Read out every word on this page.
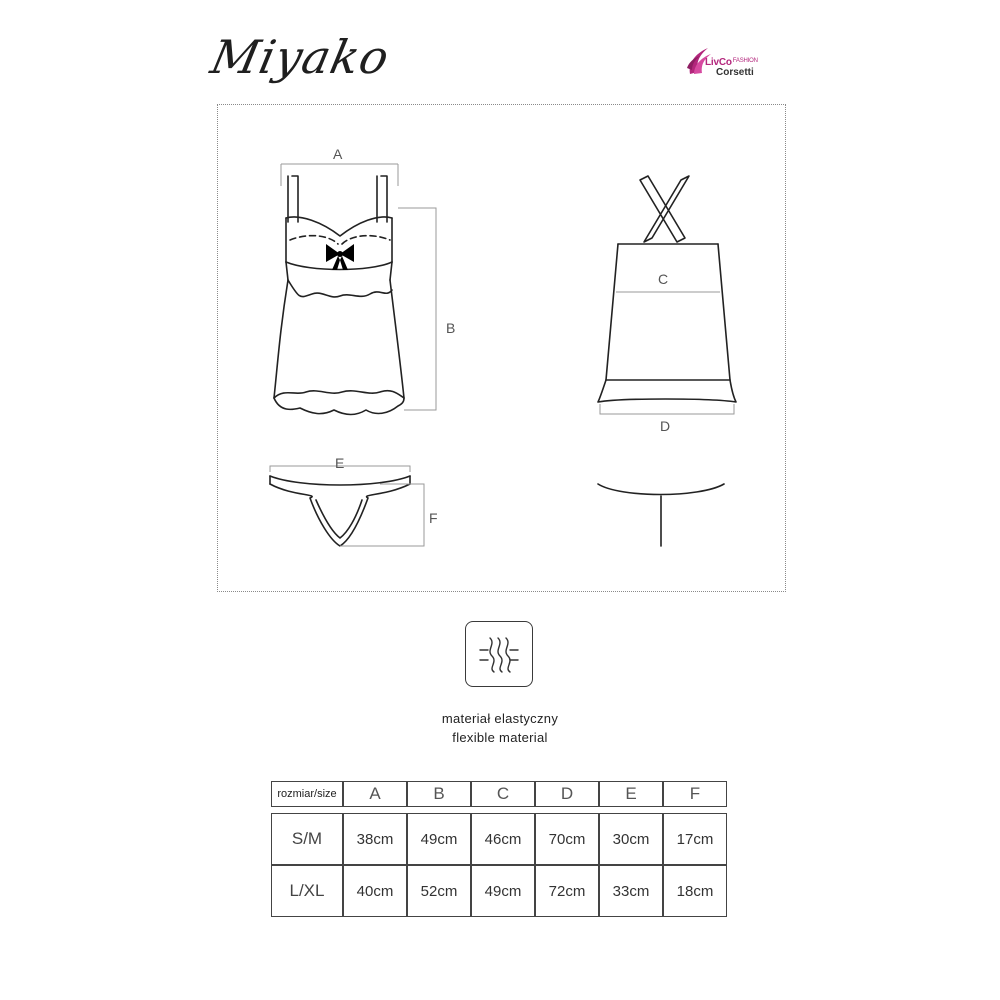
Miyako	LivCo$^{FASHION}$
Corsetti
A
B
C
D
E
F
materiał elastyczny
flexible material
rozmiar/size	A	B	C	D	E	F

S/M	38cm	49cm	46cm	70cm	30cm	17cm
L/XL	40cm	52cm	49cm	72cm	33cm	18cm
